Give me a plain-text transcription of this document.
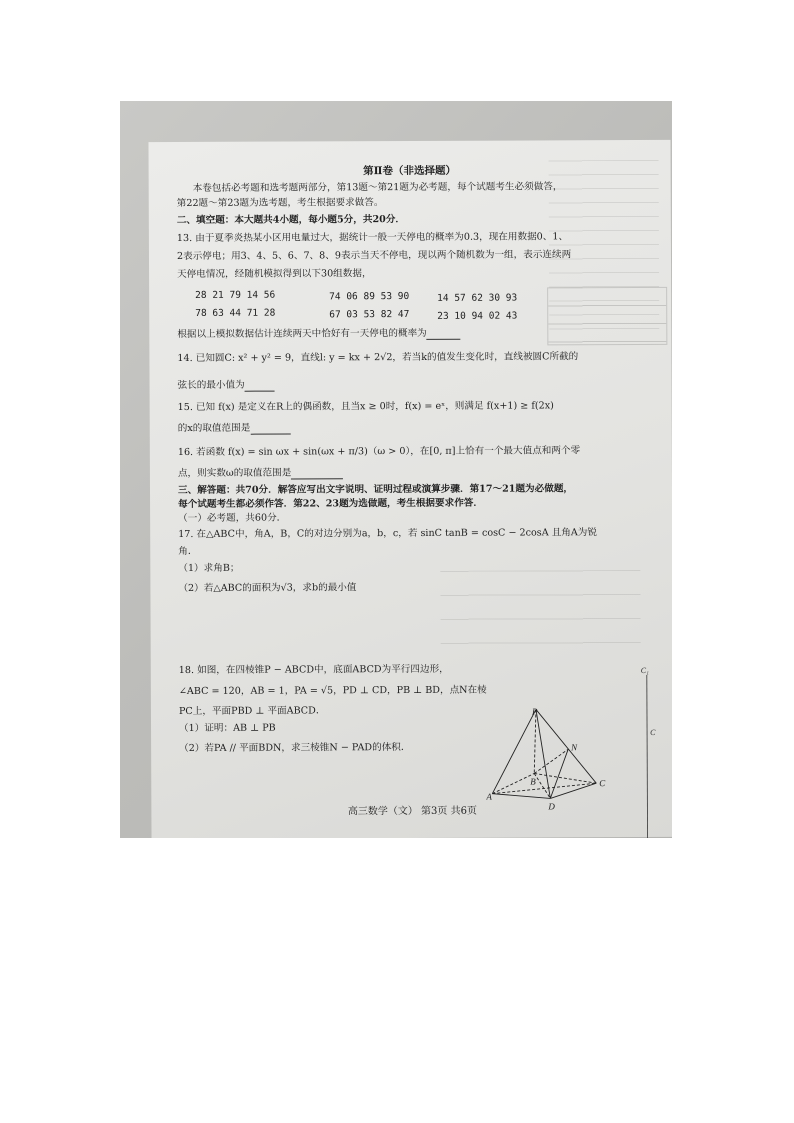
第Ⅱ卷（非选择题）
本卷包括必考题和选考题两部分，第13题～第21题为必考题，每个试题考生必须做答，
第22题～第23题为选考题，考生根据要求做答。
二、填空题：本大题共4小题，每小题5分，共20分．
13. 由于夏季炎热某小区用电量过大，据统计一般一天停电的概率为0.3，现在用数据0、1、
2表示停电；用3、4、5、6、7、8、9表示当天不停电，现以两个随机数为一组，表示连续两
天停电情况，经随机模拟得到以下30组数据，
28 21 79 14 56	74 06 89 53 90	14 57 62 30 93
78 63 44 71 28	67 03 53 82 47	23 10 94 02 43
根据以上模拟数据估计连续两天中恰好有一天停电的概率为
14. 已知圆C: x² + y² = 9，直线l: y = kx + 2√2，若当k的值发生变化时，直线被圆C所截的
弦长的最小值为
15. 已知 f(x) 是定义在R上的偶函数，且当x ≥ 0时，f(x) = eˣ，则满足 f(x+1) ≥ f(2x)
的x的取值范围是
16. 若函数 f(x) = sin ωx + sin(ωx + π/3)（ω > 0），在[0, π]上恰有一个最大值点和两个零
点，则实数ω的取值范围是
三、解答题：共70分．解答应写出文字说明、证明过程或演算步骤．第17～21题为必做题，
每个试题考生都必须作答．第22、23题为选做题，考生根据要求作答．
（一）必考题，共60分．
17. 在△ABC中，角A，B，C的对边分别为a，b，c，若 sinC tanB = cosC − 2cosA 且角A为锐
角．
（1）求角B；
（2）若△ABC的面积为√3，求b的最小值
18. 如图，在四棱锥P − ABCD中，底面ABCD为平行四边形，
∠ABC = 120，AB = 1，PA = √5，PD ⊥ CD，PB ⊥ BD，点N在棱
PC上，平面PBD ⊥ 平面ABCD．
（1）证明：AB ⊥ PB
（2）若PA // 平面BDN，求三棱锥N − PAD的体积．
P
N
B	C
A
D
C₁
C
高三数学（文） 第3页 共6页
